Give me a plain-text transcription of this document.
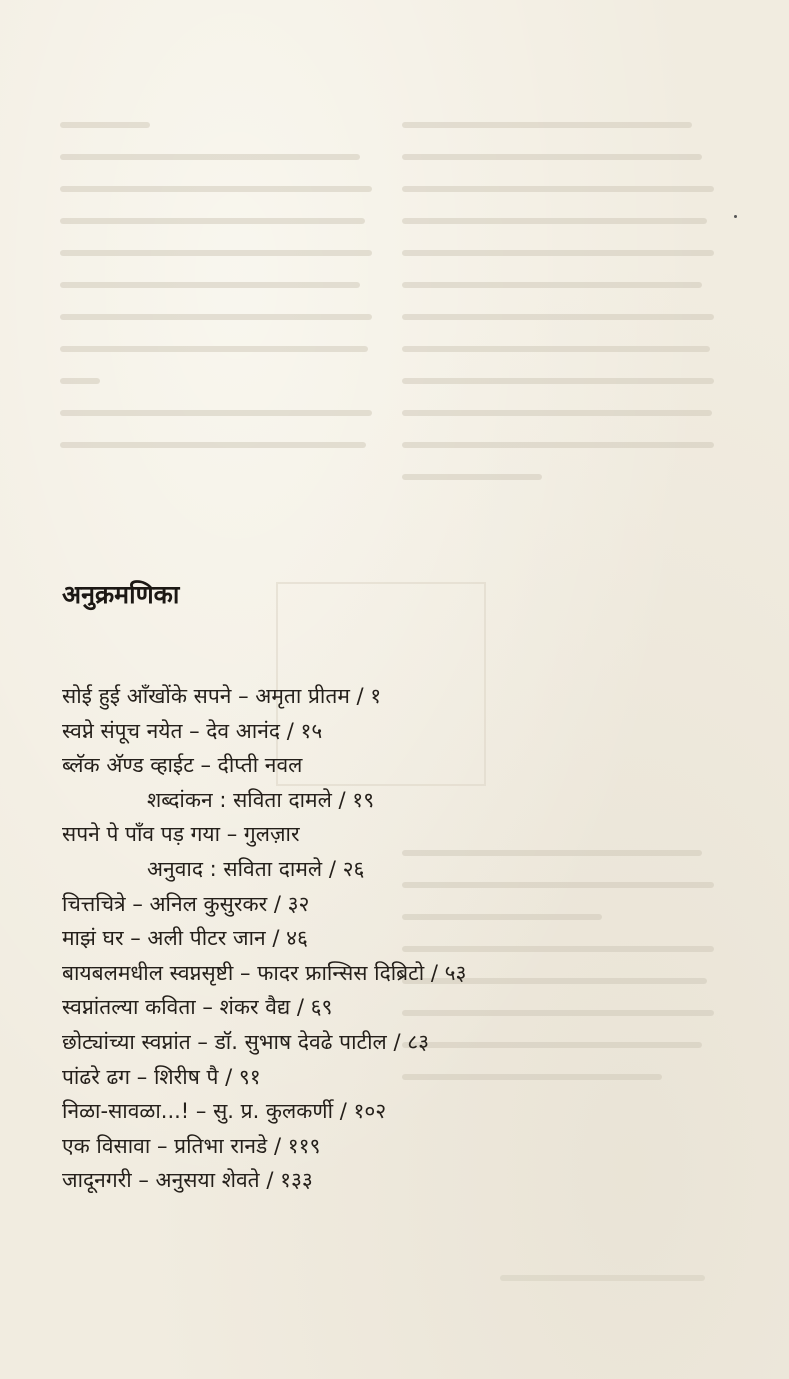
अनुक्रमणिका
सोई हुई आँखोंके सपने – अमृता प्रीतम / १
स्वप्ने संपूच नयेत – देव आनंद / १५
ब्लॅक अ‍ॅण्ड व्हाईट – दीप्ती नवल
शब्दांकन : सविता दामले / १९
सपने पे पाँव पड़ गया – गुलज़ार
अनुवाद : सविता दामले / २६
चित्तचित्रे – अनिल कुसुरकर / ३२
माझं घर – अली पीटर जान / ४६
बायबलमधील स्वप्नसृष्टी – फादर फ्रान्सिस दिब्रिटो / ५३
स्वप्नांतल्या कविता – शंकर वैद्य / ६९
छोट्यांच्या स्वप्नांत – डॉ. सुभाष देवढे पाटील / ८३
पांढरे ढग – शिरीष पै / ९१
निळा-सावळा...! – सु. प्र. कुलकर्णी / १०२
एक विसावा – प्रतिभा रानडे / ११९
जादूनगरी – अनुसया शेवते / १३३
